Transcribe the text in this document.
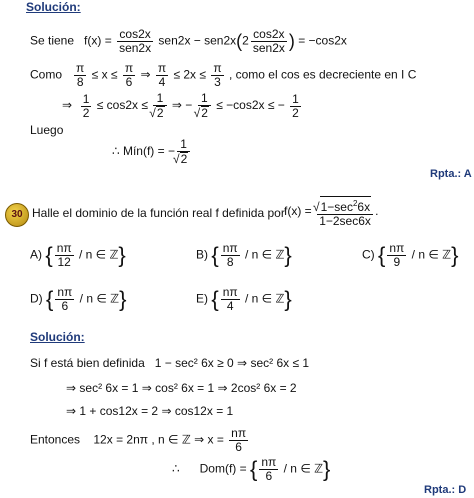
Solución:
Se tiene   $f(x) = \frac{\cos 2x}{\text{sen2x}} sen2x - sen2x(2 \frac{\cos 2x}{\text{sen2x}}$ ) = −cos2x
Como $\frac{\pi}{8} \le x \le \frac{\pi}{6}$ ⇒ $\frac{\pi}{4} \le 2x \le \frac{\pi}{3}$ , como el cos es decreciente en I C
⇒ $\frac{1}{2} \le \cos 2x \le 1$
√ 2 ⇒ − 1
√ 2 ≤ −cos2x ≤ − $\frac{1}{2}$
Luego
∴ Mín(f) = − 1
√ 2
Rpta.: A
30 Halle el dominio de la función real f definida por f(x) =
√ $\frac{1-\sec^26x}{1-2\sec 6x}$ .
A) { $\frac{n\pi}{12}$ / n ∈ ℤ}	B) { $\frac{n\pi}{8}$ / n ∈ ℤ}	C) { $\frac{n\pi}{9}$ / n ∈ ℤ}
D) { $\frac{n\pi}{6}$ / n ∈ ℤ}	E) { $\frac{n\pi}{4}$ / n ∈ ℤ}
Solución:
Si f está bien definida 1 − sec² 6x ≥ 0 ⇒ sec² 6x ≤ 1
⇒ sec² 6x = 1 ⇒ cos² 6x = 1 ⇒ 2cos² 6x = 2
⇒ 1 + cos12x = 2 ⇒ cos12x = 1
Entonces    12x = 2nπ , n ∈ ℤ ⇒ $x = \frac{n\pi}{6}$
∴      Dom(f) = { $\frac{n\pi}{6}$ / n ∈ ℤ}
Rpta.: D
